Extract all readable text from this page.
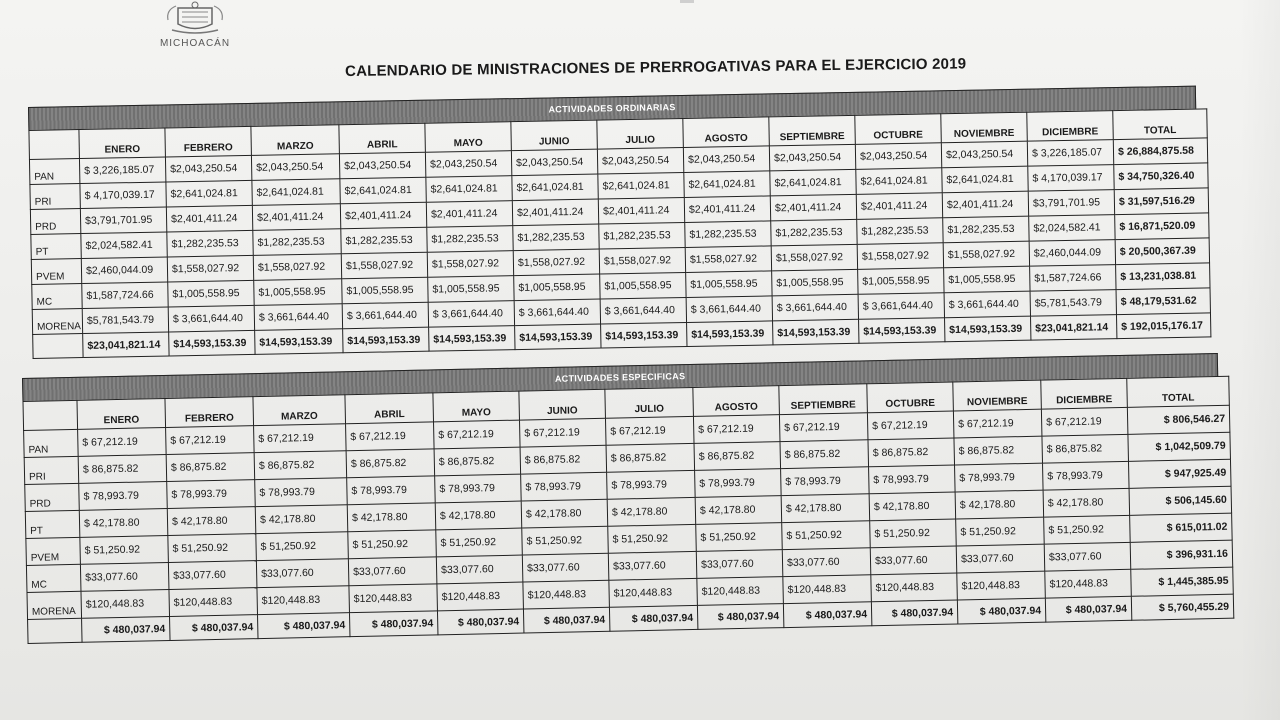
MICHOACÁN
CALENDARIO DE MINISTRACIONES DE PRERROGATIVAS PARA EL EJERCICIO 2019
ACTIVIDADES ORDINARIAS
	ENERO	FEBRERO	MARZO	ABRIL	MAYO	JUNIO	JULIO	AGOSTO	SEPTIEMBRE	OCTUBRE	NOVIEMBRE	DICIEMBRE	TOTAL
PAN	$ 3,226,185.07	$2,043,250.54	$2,043,250.54	$2,043,250.54	$2,043,250.54	$2,043,250.54	$2,043,250.54	$2,043,250.54	$2,043,250.54	$2,043,250.54	$2,043,250.54	$ 3,226,185.07	$ 26,884,875.58
PRI	$ 4,170,039.17	$2,641,024.81	$2,641,024.81	$2,641,024.81	$2,641,024.81	$2,641,024.81	$2,641,024.81	$2,641,024.81	$2,641,024.81	$2,641,024.81	$2,641,024.81	$ 4,170,039.17	$ 34,750,326.40
PRD	$3,791,701.95	$2,401,411.24	$2,401,411.24	$2,401,411.24	$2,401,411.24	$2,401,411.24	$2,401,411.24	$2,401,411.24	$2,401,411.24	$2,401,411.24	$2,401,411.24	$3,791,701.95	$ 31,597,516.29
PT	$2,024,582.41	$1,282,235.53	$1,282,235.53	$1,282,235.53	$1,282,235.53	$1,282,235.53	$1,282,235.53	$1,282,235.53	$1,282,235.53	$1,282,235.53	$1,282,235.53	$2,024,582.41	$ 16,871,520.09
PVEM	$2,460,044.09	$1,558,027.92	$1,558,027.92	$1,558,027.92	$1,558,027.92	$1,558,027.92	$1,558,027.92	$1,558,027.92	$1,558,027.92	$1,558,027.92	$1,558,027.92	$2,460,044.09	$ 20,500,367.39
MC	$1,587,724.66	$1,005,558.95	$1,005,558.95	$1,005,558.95	$1,005,558.95	$1,005,558.95	$1,005,558.95	$1,005,558.95	$1,005,558.95	$1,005,558.95	$1,005,558.95	$1,587,724.66	$ 13,231,038.81
MORENA	$5,781,543.79	$ 3,661,644.40	$ 3,661,644.40	$ 3,661,644.40	$ 3,661,644.40	$ 3,661,644.40	$ 3,661,644.40	$ 3,661,644.40	$ 3,661,644.40	$ 3,661,644.40	$ 3,661,644.40	$5,781,543.79	$ 48,179,531.62
	$23,041,821.14	$14,593,153.39	$14,593,153.39	$14,593,153.39	$14,593,153.39	$14,593,153.39	$14,593,153.39	$14,593,153.39	$14,593,153.39	$14,593,153.39	$14,593,153.39	$23,041,821.14	$ 192,015,176.17
ACTIVIDADES ESPECIFICAS
	ENERO	FEBRERO	MARZO	ABRIL	MAYO	JUNIO	JULIO	AGOSTO	SEPTIEMBRE	OCTUBRE	NOVIEMBRE	DICIEMBRE	TOTAL
PAN	$ 67,212.19	$ 67,212.19	$ 67,212.19	$ 67,212.19	$ 67,212.19	$ 67,212.19	$ 67,212.19	$ 67,212.19	$ 67,212.19	$ 67,212.19	$ 67,212.19	$ 67,212.19	$ 806,546.27
PRI	$ 86,875.82	$ 86,875.82	$ 86,875.82	$ 86,875.82	$ 86,875.82	$ 86,875.82	$ 86,875.82	$ 86,875.82	$ 86,875.82	$ 86,875.82	$ 86,875.82	$ 86,875.82	$ 1,042,509.79
PRD	$ 78,993.79	$ 78,993.79	$ 78,993.79	$ 78,993.79	$ 78,993.79	$ 78,993.79	$ 78,993.79	$ 78,993.79	$ 78,993.79	$ 78,993.79	$ 78,993.79	$ 78,993.79	$ 947,925.49
PT	$ 42,178.80	$ 42,178.80	$ 42,178.80	$ 42,178.80	$ 42,178.80	$ 42,178.80	$ 42,178.80	$ 42,178.80	$ 42,178.80	$ 42,178.80	$ 42,178.80	$ 42,178.80	$ 506,145.60
PVEM	$ 51,250.92	$ 51,250.92	$ 51,250.92	$ 51,250.92	$ 51,250.92	$ 51,250.92	$ 51,250.92	$ 51,250.92	$ 51,250.92	$ 51,250.92	$ 51,250.92	$ 51,250.92	$ 615,011.02
MC	$33,077.60	$33,077.60	$33,077.60	$33,077.60	$33,077.60	$33,077.60	$33,077.60	$33,077.60	$33,077.60	$33,077.60	$33,077.60	$33,077.60	$ 396,931.16
MORENA	$120,448.83	$120,448.83	$120,448.83	$120,448.83	$120,448.83	$120,448.83	$120,448.83	$120,448.83	$120,448.83	$120,448.83	$120,448.83	$120,448.83	$ 1,445,385.95
	$ 480,037.94	$ 480,037.94	$ 480,037.94	$ 480,037.94	$ 480,037.94	$ 480,037.94	$ 480,037.94	$ 480,037.94	$ 480,037.94	$ 480,037.94	$ 480,037.94	$ 480,037.94	$ 5,760,455.29
